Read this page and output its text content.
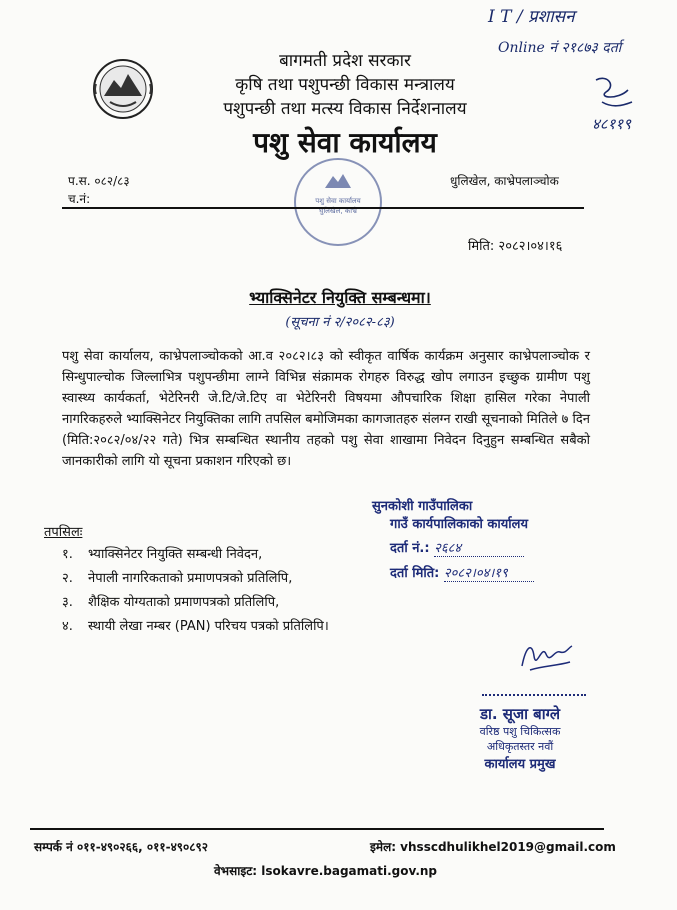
I T / प्रशासन
Online नं २१८७३ दर्ता
४८११९
बागमती प्रदेश सरकार
कृषि तथा पशुपन्छी विकास मन्त्रालय
पशुपन्छी तथा मत्स्य विकास निर्देशनालय
पशु सेवा कार्यालय
प.स. ०८२/८३
च.नं:
धुलिखेल, काभ्रेपलाञ्चोक
पशु सेवा कार्यालय धुलिखेल, काभ्रे
मिति: २०८२।०४।१६
भ्याक्सिनेटर नियुक्ति सम्बन्धमा।
(सूचना नं २/२०८२-८३)

पशु सेवा कार्यालय, काभ्रेपलाञ्चोकको आ.व २०८२।८३ को स्वीकृत वार्षिक कार्यक्रम अनुसार काभ्रेपलाञ्चोक र सिन्धुपाल्चोक जिल्लाभित्र पशुपन्छीमा लाग्ने विभिन्न संक्रामक रोगहरु विरुद्ध खोप लगाउन इच्छुक ग्रामीण पशु स्वास्थ्य कार्यकर्ता, भेटेरिनरी जे.टि/जे.टिए वा भेटेरिनरी विषयमा औपचारिक शिक्षा हासिल गरेका नेपाली नागरिकहरुले भ्याक्सिनेटर नियुक्तिका लागि तपसिल बमोजिमका कागजातहरु संलग्न राखी सूचनाको मितिले ७ दिन (मिति:२०८२/०४/२२ गते) भित्र सम्बन्धित स्थानीय तहको पशु सेवा शाखामा निवेदन दिनुहुन सम्बन्धित सबैको जानकारीको लागि यो सूचना प्रकाशन गरिएको छ।

सुनकोशी गाउँपालिका
गाउँ कार्यपालिकाको कार्यालय
दर्ता नं.: २६८४
दर्ता मिति: २०८२।०४।१९
तपसिलः
१. भ्याक्सिनेटर नियुक्ति सम्बन्धी निवेदन,
२. नेपाली नागरिकताको प्रमाणपत्रको प्रतिलिपि,
३. शैक्षिक योग्यताको प्रमाणपत्रको प्रतिलिपि,
४. स्थायी लेखा नम्बर (PAN) परिचय पत्रको प्रतिलिपि।
डा. सूजा बाग्ले
वरिष्ठ पशु चिकित्सक
अधिकृतस्तर नवौं
कार्यालय प्रमुख
सम्पर्क नं ०११-४९०२६६, ०११-४९०८९२	इमेल: vhsscdhulikhel2019@gmail.com
वेभसाइट: lsokavre.bagamati.gov.np
